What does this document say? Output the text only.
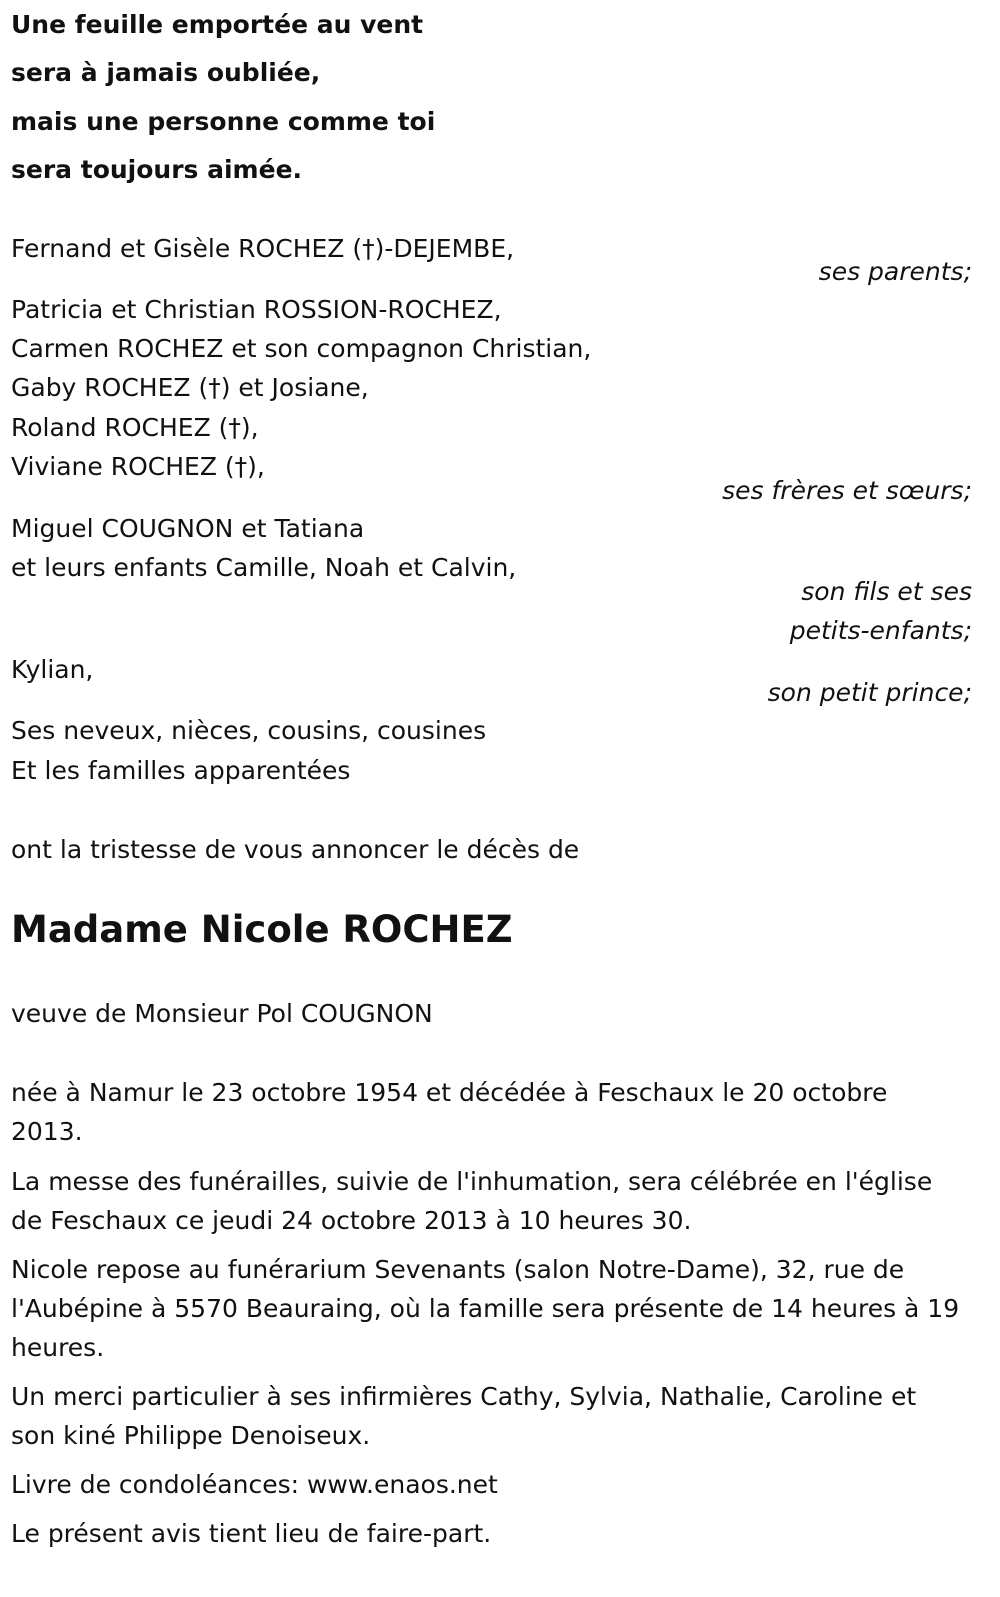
Une feuille emportée au vent
sera à jamais oubliée,
mais une personne comme toi
sera toujours aimée.
Fernand et Gisèle ROCHEZ (†)-DEJEMBE,
ses parents;
Patricia et Christian ROSSION-ROCHEZ,
Carmen ROCHEZ et son compagnon Christian,
Gaby ROCHEZ (†) et Josiane,
Roland ROCHEZ (†),
Viviane ROCHEZ (†),
ses frères et sœurs;
Miguel COUGNON et Tatiana
et leurs enfants Camille, Noah et Calvin,
son fils et ses
petits-enfants;
Kylian,
son petit prince;
Ses neveux, nièces, cousins, cousines
Et les familles apparentées
ont la tristesse de vous annoncer le décès de
Madame Nicole ROCHEZ
veuve de Monsieur Pol COUGNON
née à Namur le 23 octobre 1954 et décédée à Feschaux le 20 octobre 2013.
La messe des funérailles, suivie de l'inhumation, sera célébrée en l'église de Feschaux ce jeudi 24 octobre 2013 à 10 heures 30.
Nicole repose au funérarium Sevenants (salon Notre-Dame), 32, rue de l'Aubépine à 5570 Beauraing, où la famille sera présente de 14 heures à 19 heures.
Un merci particulier à ses infirmières Cathy, Sylvia, Nathalie, Caroline et son kiné Philippe Denoiseux.
Livre de condoléances: www.enaos.net
Le présent avis tient lieu de faire-part.
